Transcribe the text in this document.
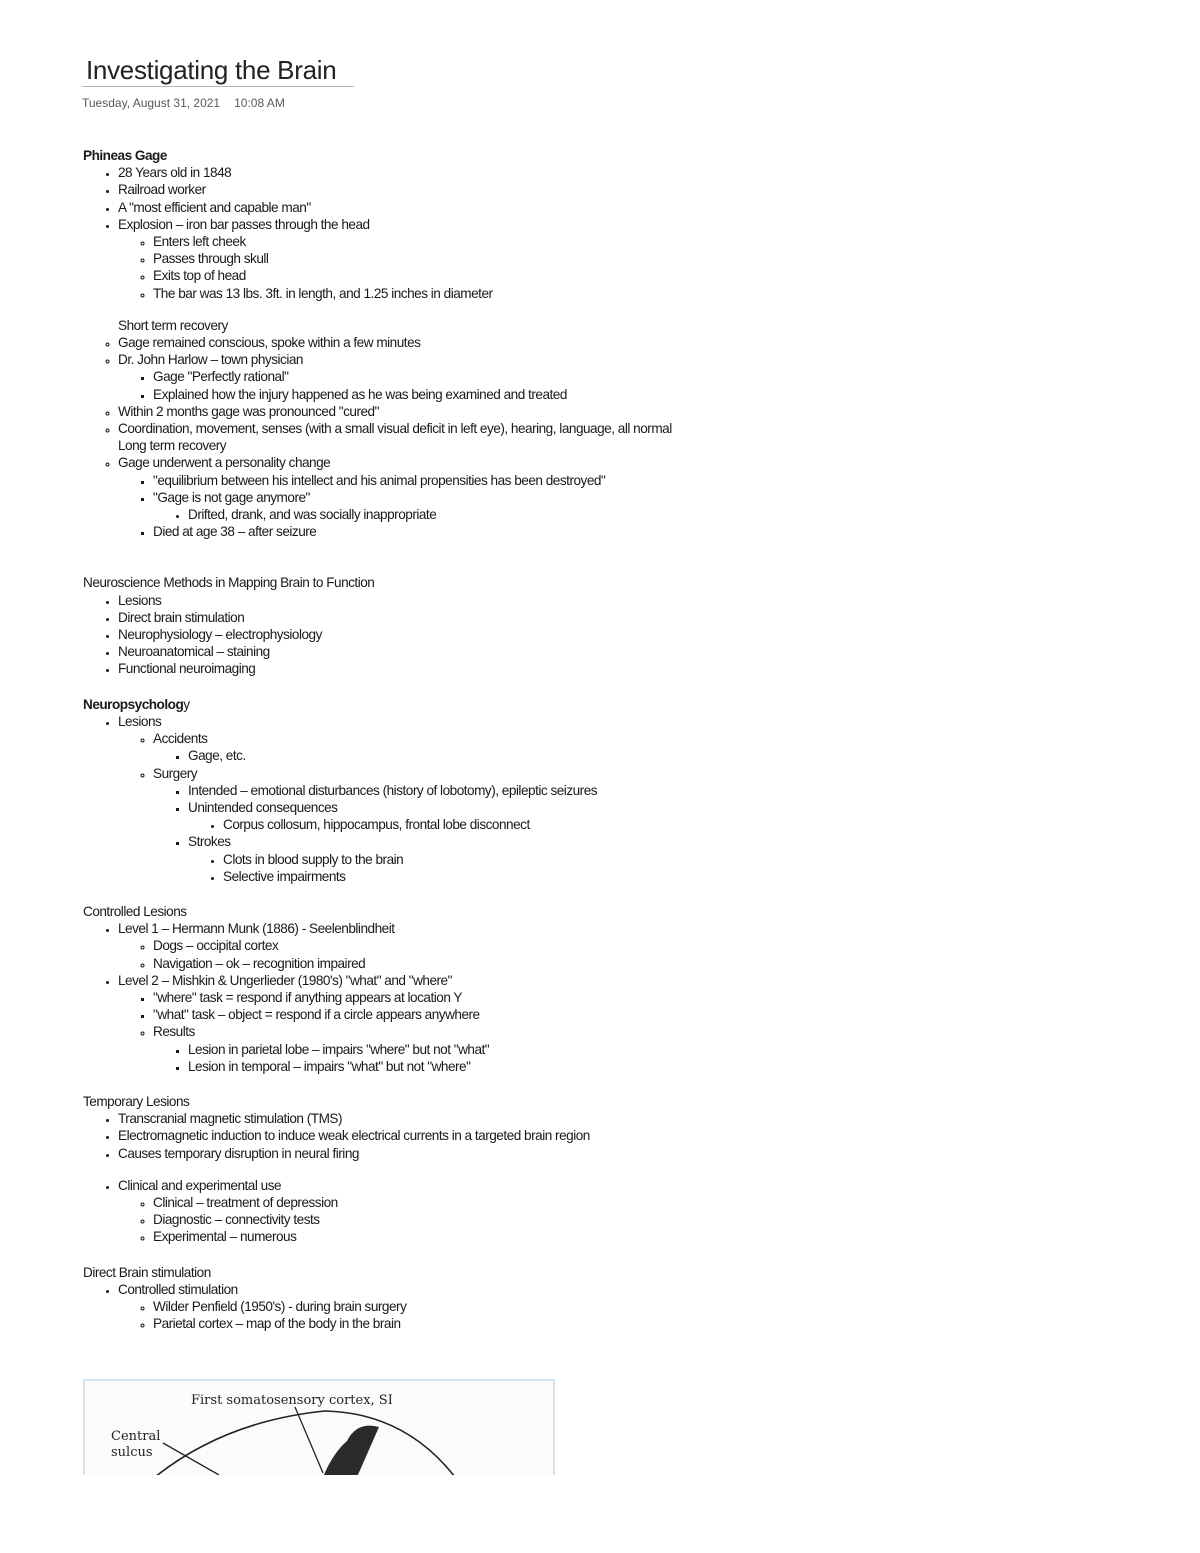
Investigating the Brain
Tuesday, August 31, 2021 10:08 AM
Phineas Gage
• 28 Years old in 1848
• Railroad worker
• A "most efficient and capable man"
• Explosion – iron bar passes through the head
◦ Enters left cheek
◦ Passes through skull
◦ Exits top of head
◦ The bar was 13 lbs. 3ft. in length, and 1.25 inches in diameter
Short term recovery
◦ Gage remained conscious, spoke within a few minutes
◦ Dr. John Harlow – town physician
▪ Gage "Perfectly rational"
▪ Explained how the injury happened as he was being examined and treated
◦ Within 2 months gage was pronounced "cured"
◦ Coordination, movement, senses (with a small visual deficit in left eye), hearing, language, all normal
Long term recovery
◦ Gage underwent a personality change
▪ "equilibrium between his intellect and his animal propensities has been destroyed"
▪ "Gage is not gage anymore"
• Drifted, drank, and was socially inappropriate
▪ Died at age 38 – after seizure
Neuroscience Methods in Mapping Brain to Function
• Lesions
• Direct brain stimulation
• Neurophysiology – electrophysiology
• Neuroanatomical – staining
• Functional neuroimaging
Neuropsychology
• Lesions
◦ Accidents
▪ Gage, etc.
◦ Surgery
▪ Intended – emotional disturbances (history of lobotomy), epileptic seizures
▪ Unintended consequences
• Corpus collosum, hippocampus, frontal lobe disconnect
▪ Strokes
• Clots in blood supply to the brain
• Selective impairments
Controlled Lesions
• Level 1 – Hermann Munk (1886) - Seelenblindheit
◦ Dogs – occipital cortex
◦ Navigation – ok – recognition impaired
• Level 2 – Mishkin & Ungerlieder (1980's) "what" and "where"
▪ "where" task = respond if anything appears at location Y
▪ "what" task – object = respond if a circle appears anywhere
◦ Results
▪ Lesion in parietal lobe – impairs "where" but not "what"
▪ Lesion in temporal – impairs "what" but not "where"
Temporary Lesions
• Transcranial magnetic stimulation (TMS)
• Electromagnetic induction to induce weak electrical currents in a targeted brain region
• Causes temporary disruption in neural firing
• Clinical and experimental use
◦ Clinical – treatment of depression
◦ Diagnostic – connectivity tests
◦ Experimental – numerous
Direct Brain stimulation
• Controlled stimulation
◦ Wilder Penfield (1950's) - during brain surgery
◦ Parietal cortex – map of the body in the brain
First somatosensory cortex, SI
Central
sulcus
